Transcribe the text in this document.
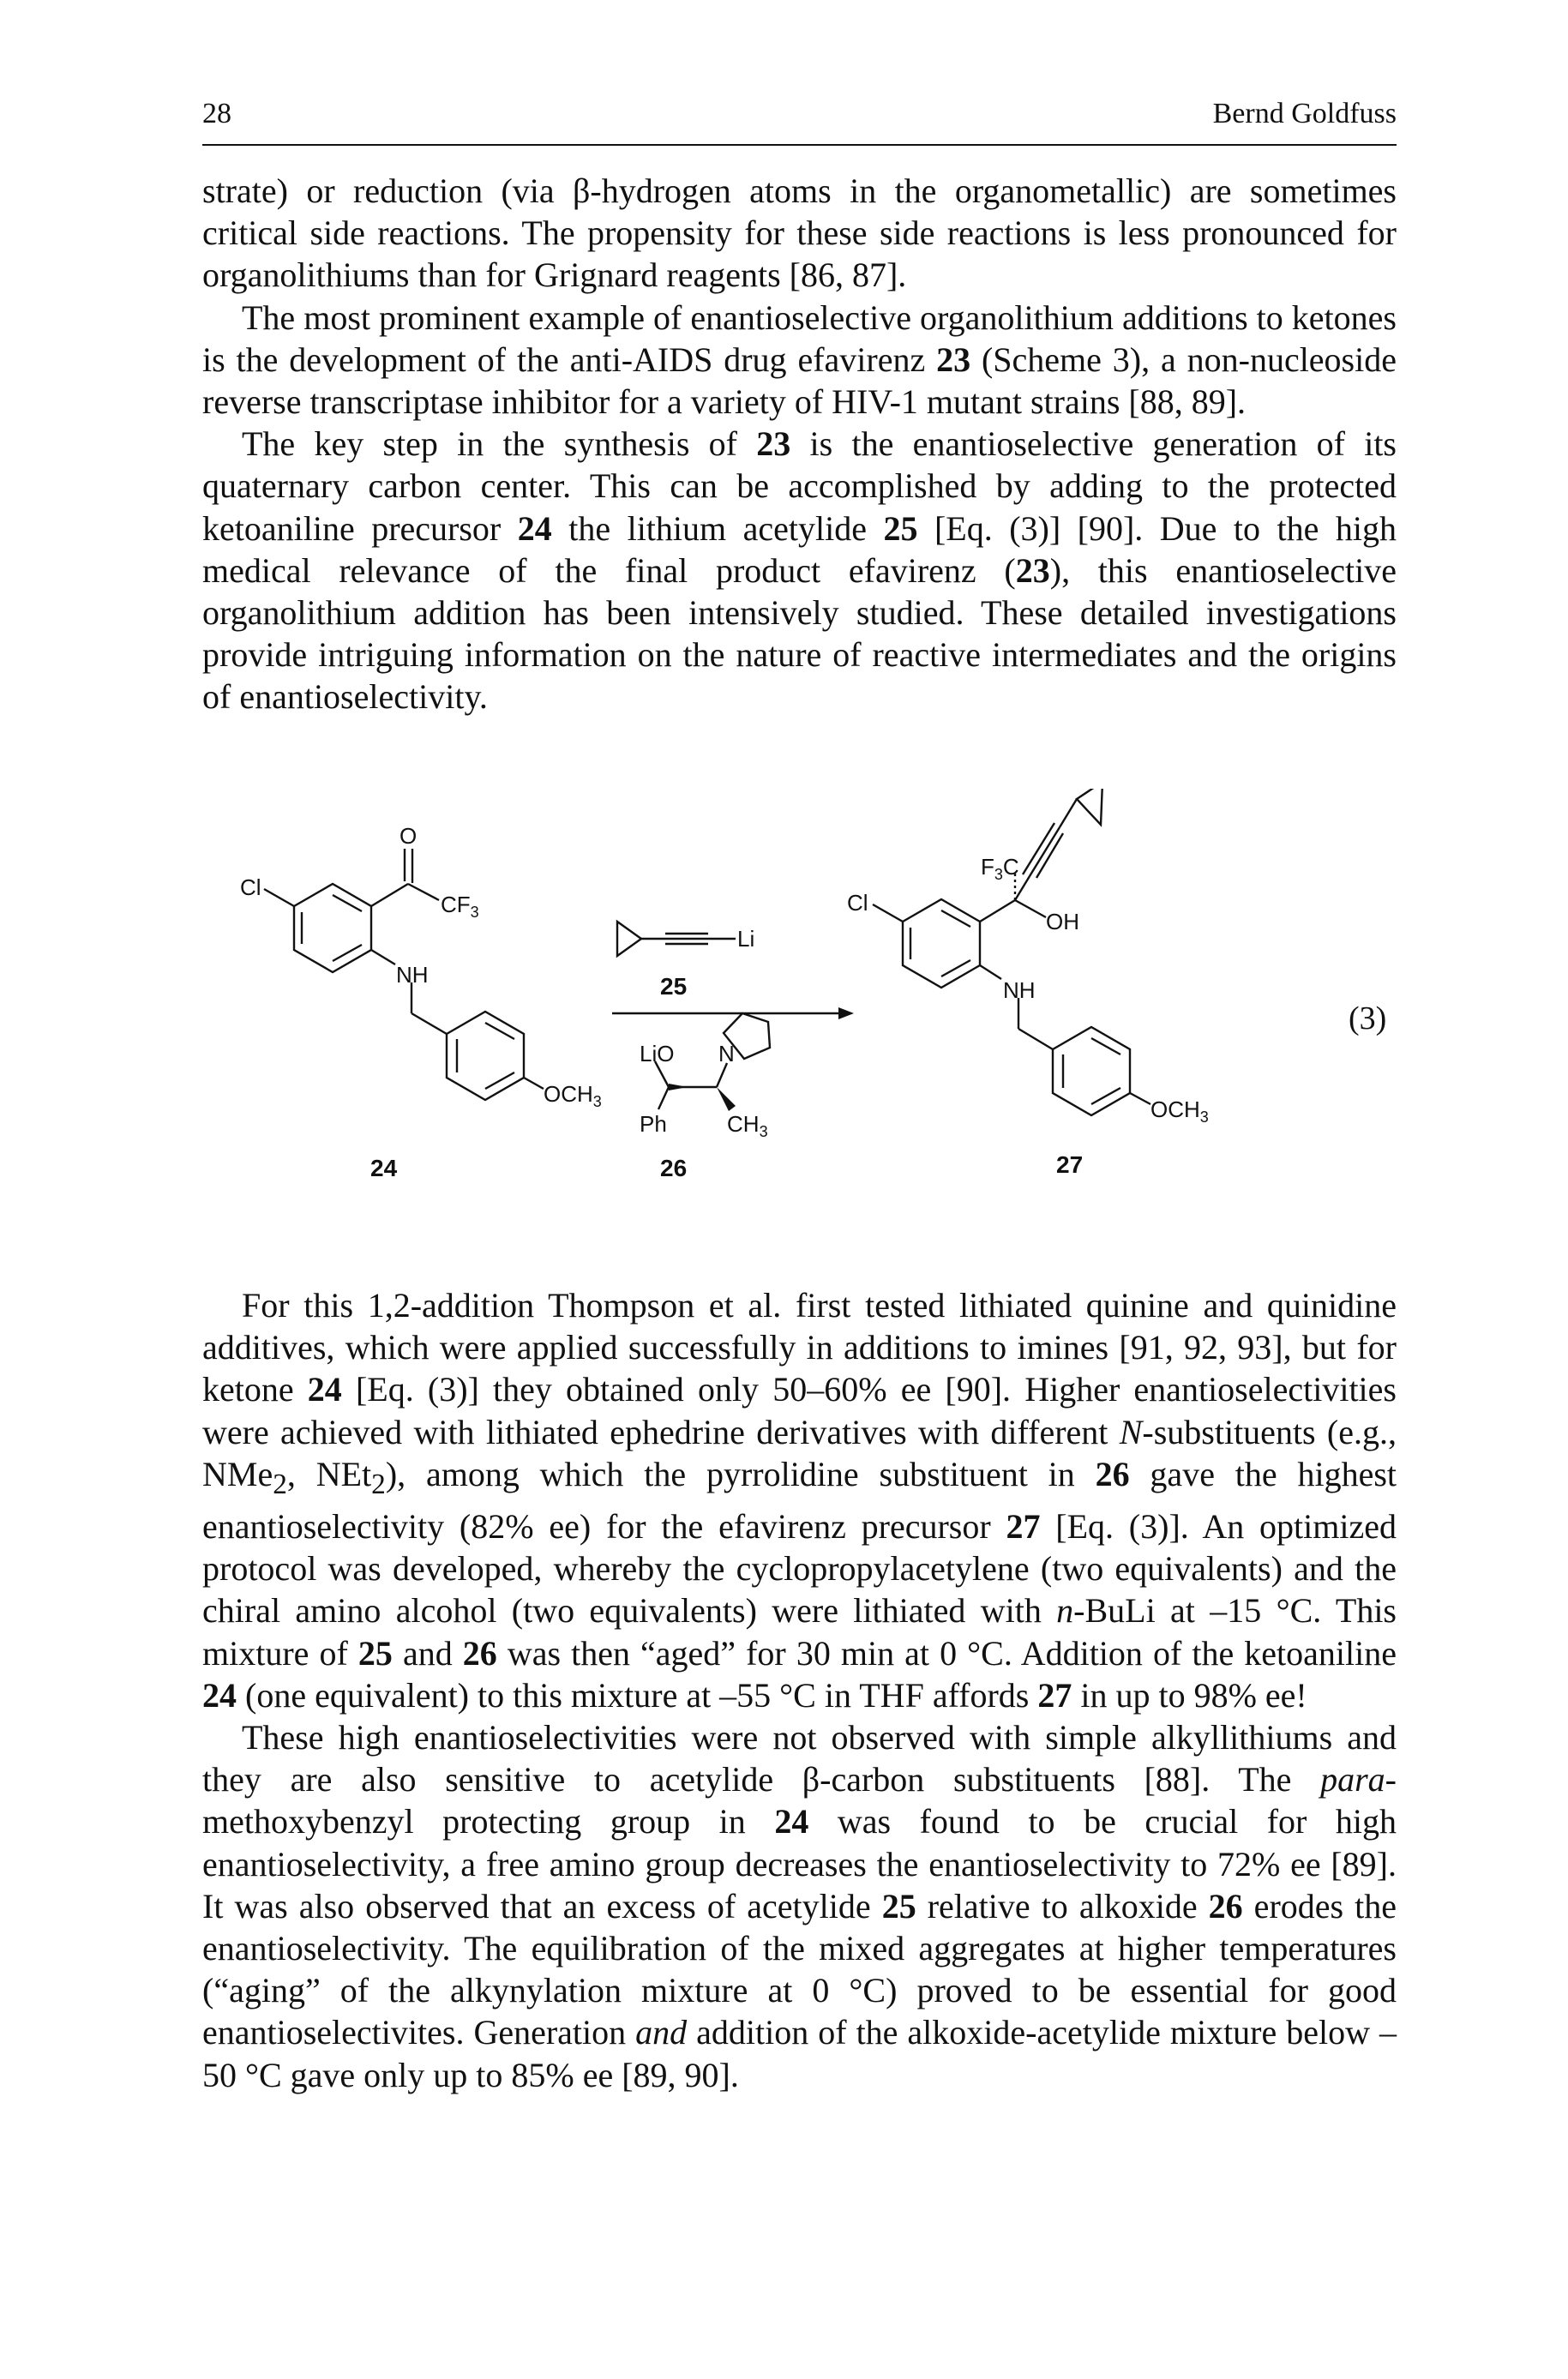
28	Bernd Goldfuss

strate) or reduction (via β-hydrogen atoms in the organometallic) are sometimes critical side reactions. The propensity for these side reactions is less pronounced for organolithiums than for Grignard reagents [86, 87].

The most prominent example of enantioselective organolithium additions to ketones is the development of the anti-AIDS drug efavirenz 23 (Scheme 3), a non-nucleoside reverse transcriptase inhibitor for a variety of HIV-1 mutant strains [88, 89].

The key step in the synthesis of 23 is the enantioselective generation of its quaternary carbon center. This can be accomplished by adding to the protected ketoaniline precursor 24 the lithium acetylide 25 [Eq. (3)] [90]. Due to the high medical relevance of the final product efavirenz (23), this enantioselective organolithium addition has been intensively studied. These detailed investigations provide intriguing information on the nature of reactive intermediates and the origins of enantioselectivity.

Cl
O
$CF_3$
NH
$OCH_3$
Li
25
LiO N
Ph	$CH_3$
26
Cl
$F_3C$
OH
NH
$OCH_3$
24	27
(3)

For this 1,2-addition Thompson et al. first tested lithiated quinine and quinidine additives, which were applied successfully in additions to imines [91, 92, 93], but for ketone 24 [Eq. (3)] they obtained only 50–60% ee [90]. Higher enantioselectivities were achieved with lithiated ephedrine derivatives with different N-substituents (e.g., NMe$_2$, NEt$_2$), among which the pyrrolidine substituent in 26 gave the highest enantioselectivity (82% ee) for the efavirenz precursor 27 [Eq. (3)]. An optimized protocol was developed, whereby the cyclopropylacetylene (two equivalents) and the chiral amino alcohol (two equivalents) were lithiated with n-BuLi at –15 °C. This mixture of 25 and 26 was then “aged” for 30 min at 0 °C. Addition of the ketoaniline 24 (one equivalent) to this mixture at –55 °C in THF affords 27 in up to 98% ee!

These high enantioselectivities were not observed with simple alkyllithiums and they are also sensitive to acetylide β-carbon substituents [88]. The para-methoxybenzyl protecting group in 24 was found to be crucial for high enantioselectivity, a free amino group decreases the enantioselectivity to 72% ee [89]. It was also observed that an excess of acetylide 25 relative to alkoxide 26 erodes the enantioselectivity. The equilibration of the mixed aggregates at higher temperatures (“aging” of the alkynylation mixture at 0 °C) proved to be essential for good enantioselectivites. Generation and addition of the alkoxide-acetylide mixture below –50 °C gave only up to 85% ee [89, 90].
